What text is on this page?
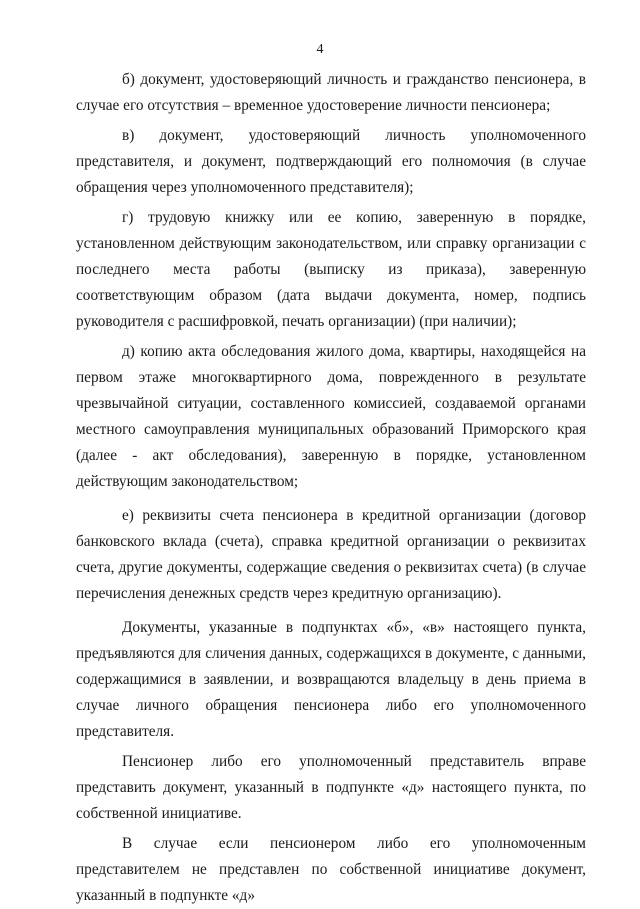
4

б) документ, удостоверяющий личность и гражданство пенсионера, в случае его отсутствия – временное удостоверение личности пенсионера;

в) документ, удостоверяющий личность уполномоченного представителя, и документ, подтверждающий его полномочия (в случае обращения через уполномоченного представителя);

г) трудовую книжку или ее копию, заверенную в порядке, установленном действующим законодательством, или справку организации с последнего места работы (выписку из приказа), заверенную соответствующим образом (дата выдачи документа, номер, подпись руководителя с расшифровкой, печать организации) (при наличии);

д) копию акта обследования жилого дома, квартиры, находящейся на первом этаже многоквартирного дома, поврежденного в результате чрезвычайной ситуации, составленного комиссией, создаваемой органами местного самоуправления муниципальных образований Приморского края (далее - акт обследования), заверенную в порядке, установленном действующим законодательством;

е) реквизиты счета пенсионера в кредитной организации (договор банковского вклада (счета), справка кредитной организации о реквизитах счета, другие документы, содержащие сведения о реквизитах счета) (в случае перечисления денежных средств через кредитную организацию).

Документы, указанные в подпунктах «б», «в» настоящего пункта, предъявляются для сличения данных, содержащихся в документе, с данными, содержащимися в заявлении, и возвращаются владельцу в день приема в случае личного обращения пенсионера либо его уполномоченного представителя.

Пенсионер либо его уполномоченный представитель вправе представить документ, указанный в подпункте «д» настоящего пункта, по собственной инициативе.

В случае если пенсионером либо его уполномоченным представителем не представлен по собственной инициативе документ, указанный в подпункте «д»
